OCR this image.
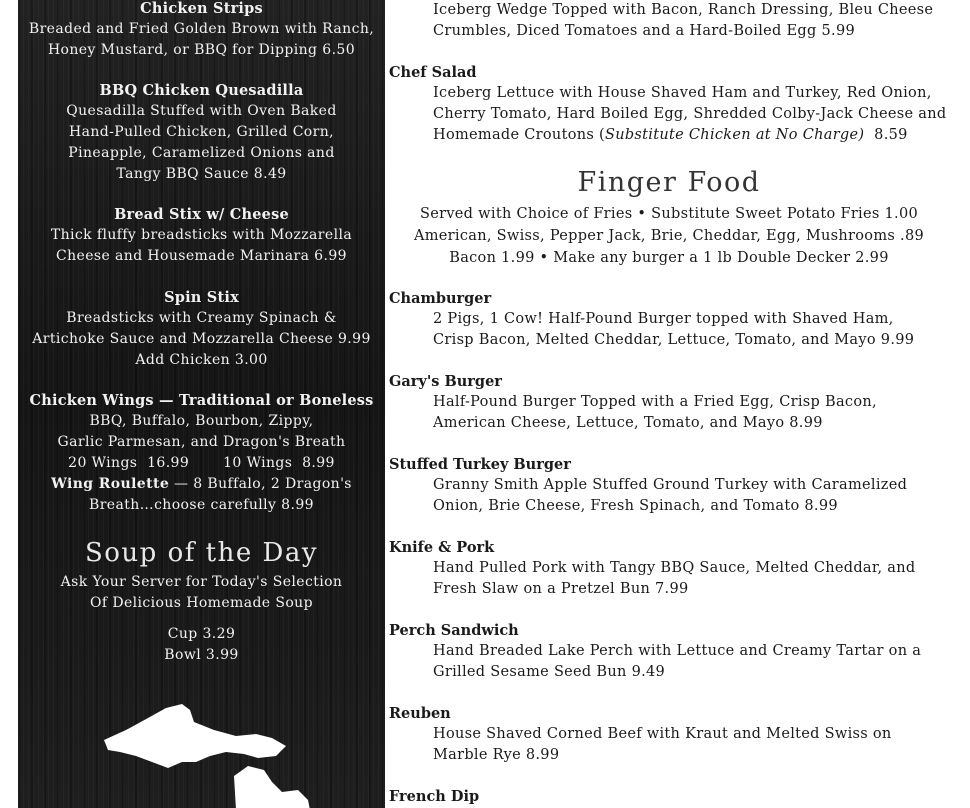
Chicken Strips
Breaded and Fried Golden Brown with Ranch,
Honey Mustard, or BBQ for Dipping 6.50
BBQ Chicken Quesadilla
Quesadilla Stuffed with Oven Baked
Hand-Pulled Chicken, Grilled Corn,
Pineapple, Caramelized Onions and
Tangy BBQ Sauce 8.49
Bread Stix w/ Cheese
Thick fluffy breadsticks with Mozzarella
Cheese and Housemade Marinara 6.99
Spin Stix
Breadsticks with Creamy Spinach &
Artichoke Sauce and Mozzarella Cheese 9.99
Add Chicken 3.00
Chicken Wings — Traditional or Boneless
BBQ, Buffalo, Bourbon, Zippy,
Garlic Parmesan, and Dragon's Breath
20 Wings  16.99       10 Wings  8.99
Wing Roulette — 8 Buffalo, 2 Dragon's
Breath…choose carefully 8.99
Soup of the Day
Ask Your Server for Today's Selection
Of Delicious Homemade Soup
Cup 3.29
Bowl 3.99
Iceberg Wedge Topped with Bacon, Ranch Dressing, Bleu Cheese
Crumbles, Diced Tomatoes and a Hard-Boiled Egg 5.99
Chef Salad
Iceberg Lettuce with House Shaved Ham and Turkey, Red Onion,
Cherry Tomato, Hard Boiled Egg, Shredded Colby-Jack Cheese and
Homemade Croutons (Substitute Chicken at No Charge)  8.59
Finger Food
Served with Choice of Fries • Substitute Sweet Potato Fries 1.00
American, Swiss, Pepper Jack, Brie, Cheddar, Egg, Mushrooms .89
Bacon 1.99 • Make any burger a 1 lb Double Decker 2.99
Chamburger
2 Pigs, 1 Cow! Half-Pound Burger topped with Shaved Ham,
Crisp Bacon, Melted Cheddar, Lettuce, Tomato, and Mayo 9.99
Gary's Burger
Half-Pound Burger Topped with a Fried Egg, Crisp Bacon,
American Cheese, Lettuce, Tomato, and Mayo 8.99
Stuffed Turkey Burger
Granny Smith Apple Stuffed Ground Turkey with Caramelized
Onion, Brie Cheese, Fresh Spinach, and Tomato 8.99
Knife & Pork
Hand Pulled Pork with Tangy BBQ Sauce, Melted Cheddar, and
Fresh Slaw on a Pretzel Bun 7.99
Perch Sandwich
Hand Breaded Lake Perch with Lettuce and Creamy Tartar on a
Grilled Sesame Seed Bun 9.49
Reuben
House Shaved Corned Beef with Kraut and Melted Swiss on
Marble Rye 8.99
French Dip
